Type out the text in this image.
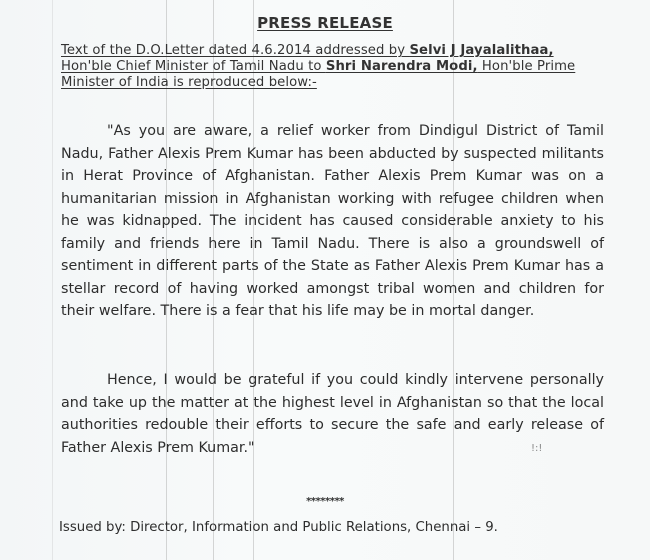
PRESS RELEASE
Text of the D.O.Letter dated 4.6.2014 addressed by Selvi J Jayalalithaa, Hon'ble Chief Minister of Tamil Nadu to Shri Narendra Modi, Hon'ble Prime Minister of India is reproduced below:-
"As you are aware, a relief worker from Dindigul District of Tamil Nadu, Father Alexis Prem Kumar has been abducted by suspected militants in Herat Province of Afghanistan. Father Alexis Prem Kumar was on a humanitarian mission in Afghanistan working with refugee children when he was kidnapped. The incident has caused considerable anxiety to his family and friends here in Tamil Nadu. There is also a groundswell of sentiment in different parts of the State as Father Alexis Prem Kumar has a stellar record of having worked amongst tribal women and children for their welfare. There is a fear that his life may be in mortal danger.
Hence, I would be grateful if you could kindly intervene personally and take up the matter at the highest level in Afghanistan so that the local authorities redouble their efforts to secure the safe and early release of Father Alexis Prem Kumar."	!:!
********
Issued by: Director, Information and Public Relations, Chennai – 9.
